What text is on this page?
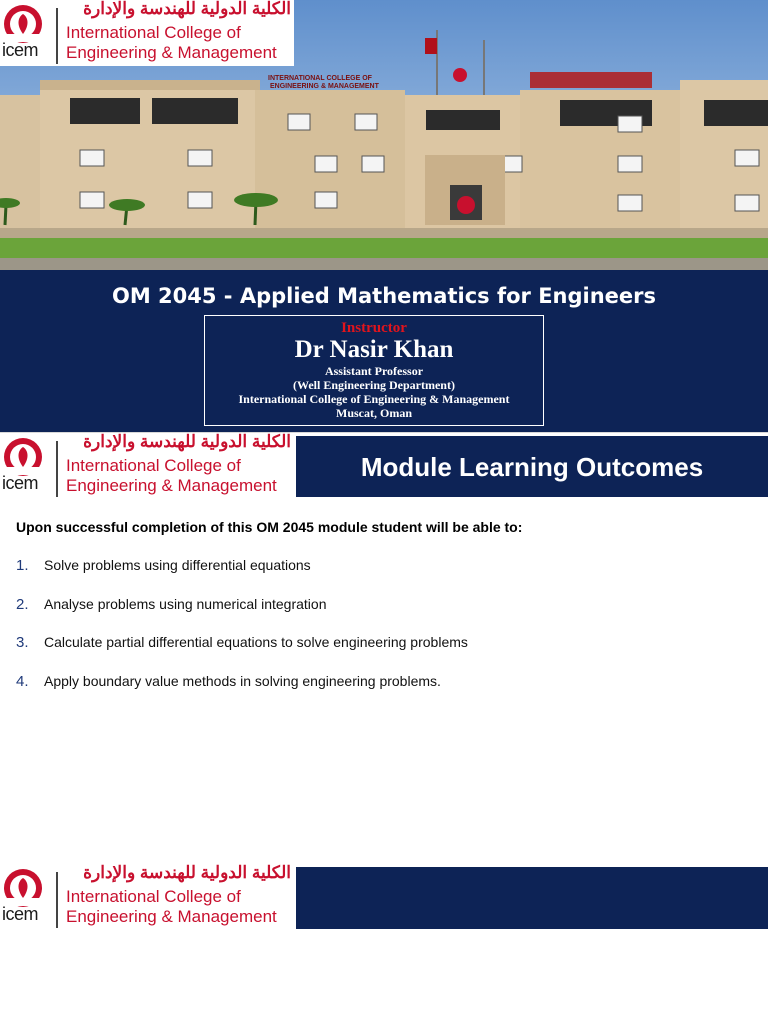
INTERNATIONAL COLLEGE OF
ENGINEERING & MANAGEMENT
icem
الكلية الدولية للهندسة والإدارة
International College of
Engineering & Management
OM 2045 - Applied Mathematics for Engineers
Instructor
Dr Nasir Khan
Assistant Professor
(Well Engineering Department)
International College of Engineering & Management
Muscat, Oman
icem
الكلية الدولية للهندسة والإدارة
International College of
Engineering & Management
Module Learning Outcomes
Upon successful completion of this OM 2045 module student will be able to:
1. Solve problems using differential equations
2. Analyse problems using numerical integration
3. Calculate partial differential equations to solve engineering problems
4. Apply boundary value methods in solving engineering problems.
icem
الكلية الدولية للهندسة والإدارة
International College of
Engineering & Management
